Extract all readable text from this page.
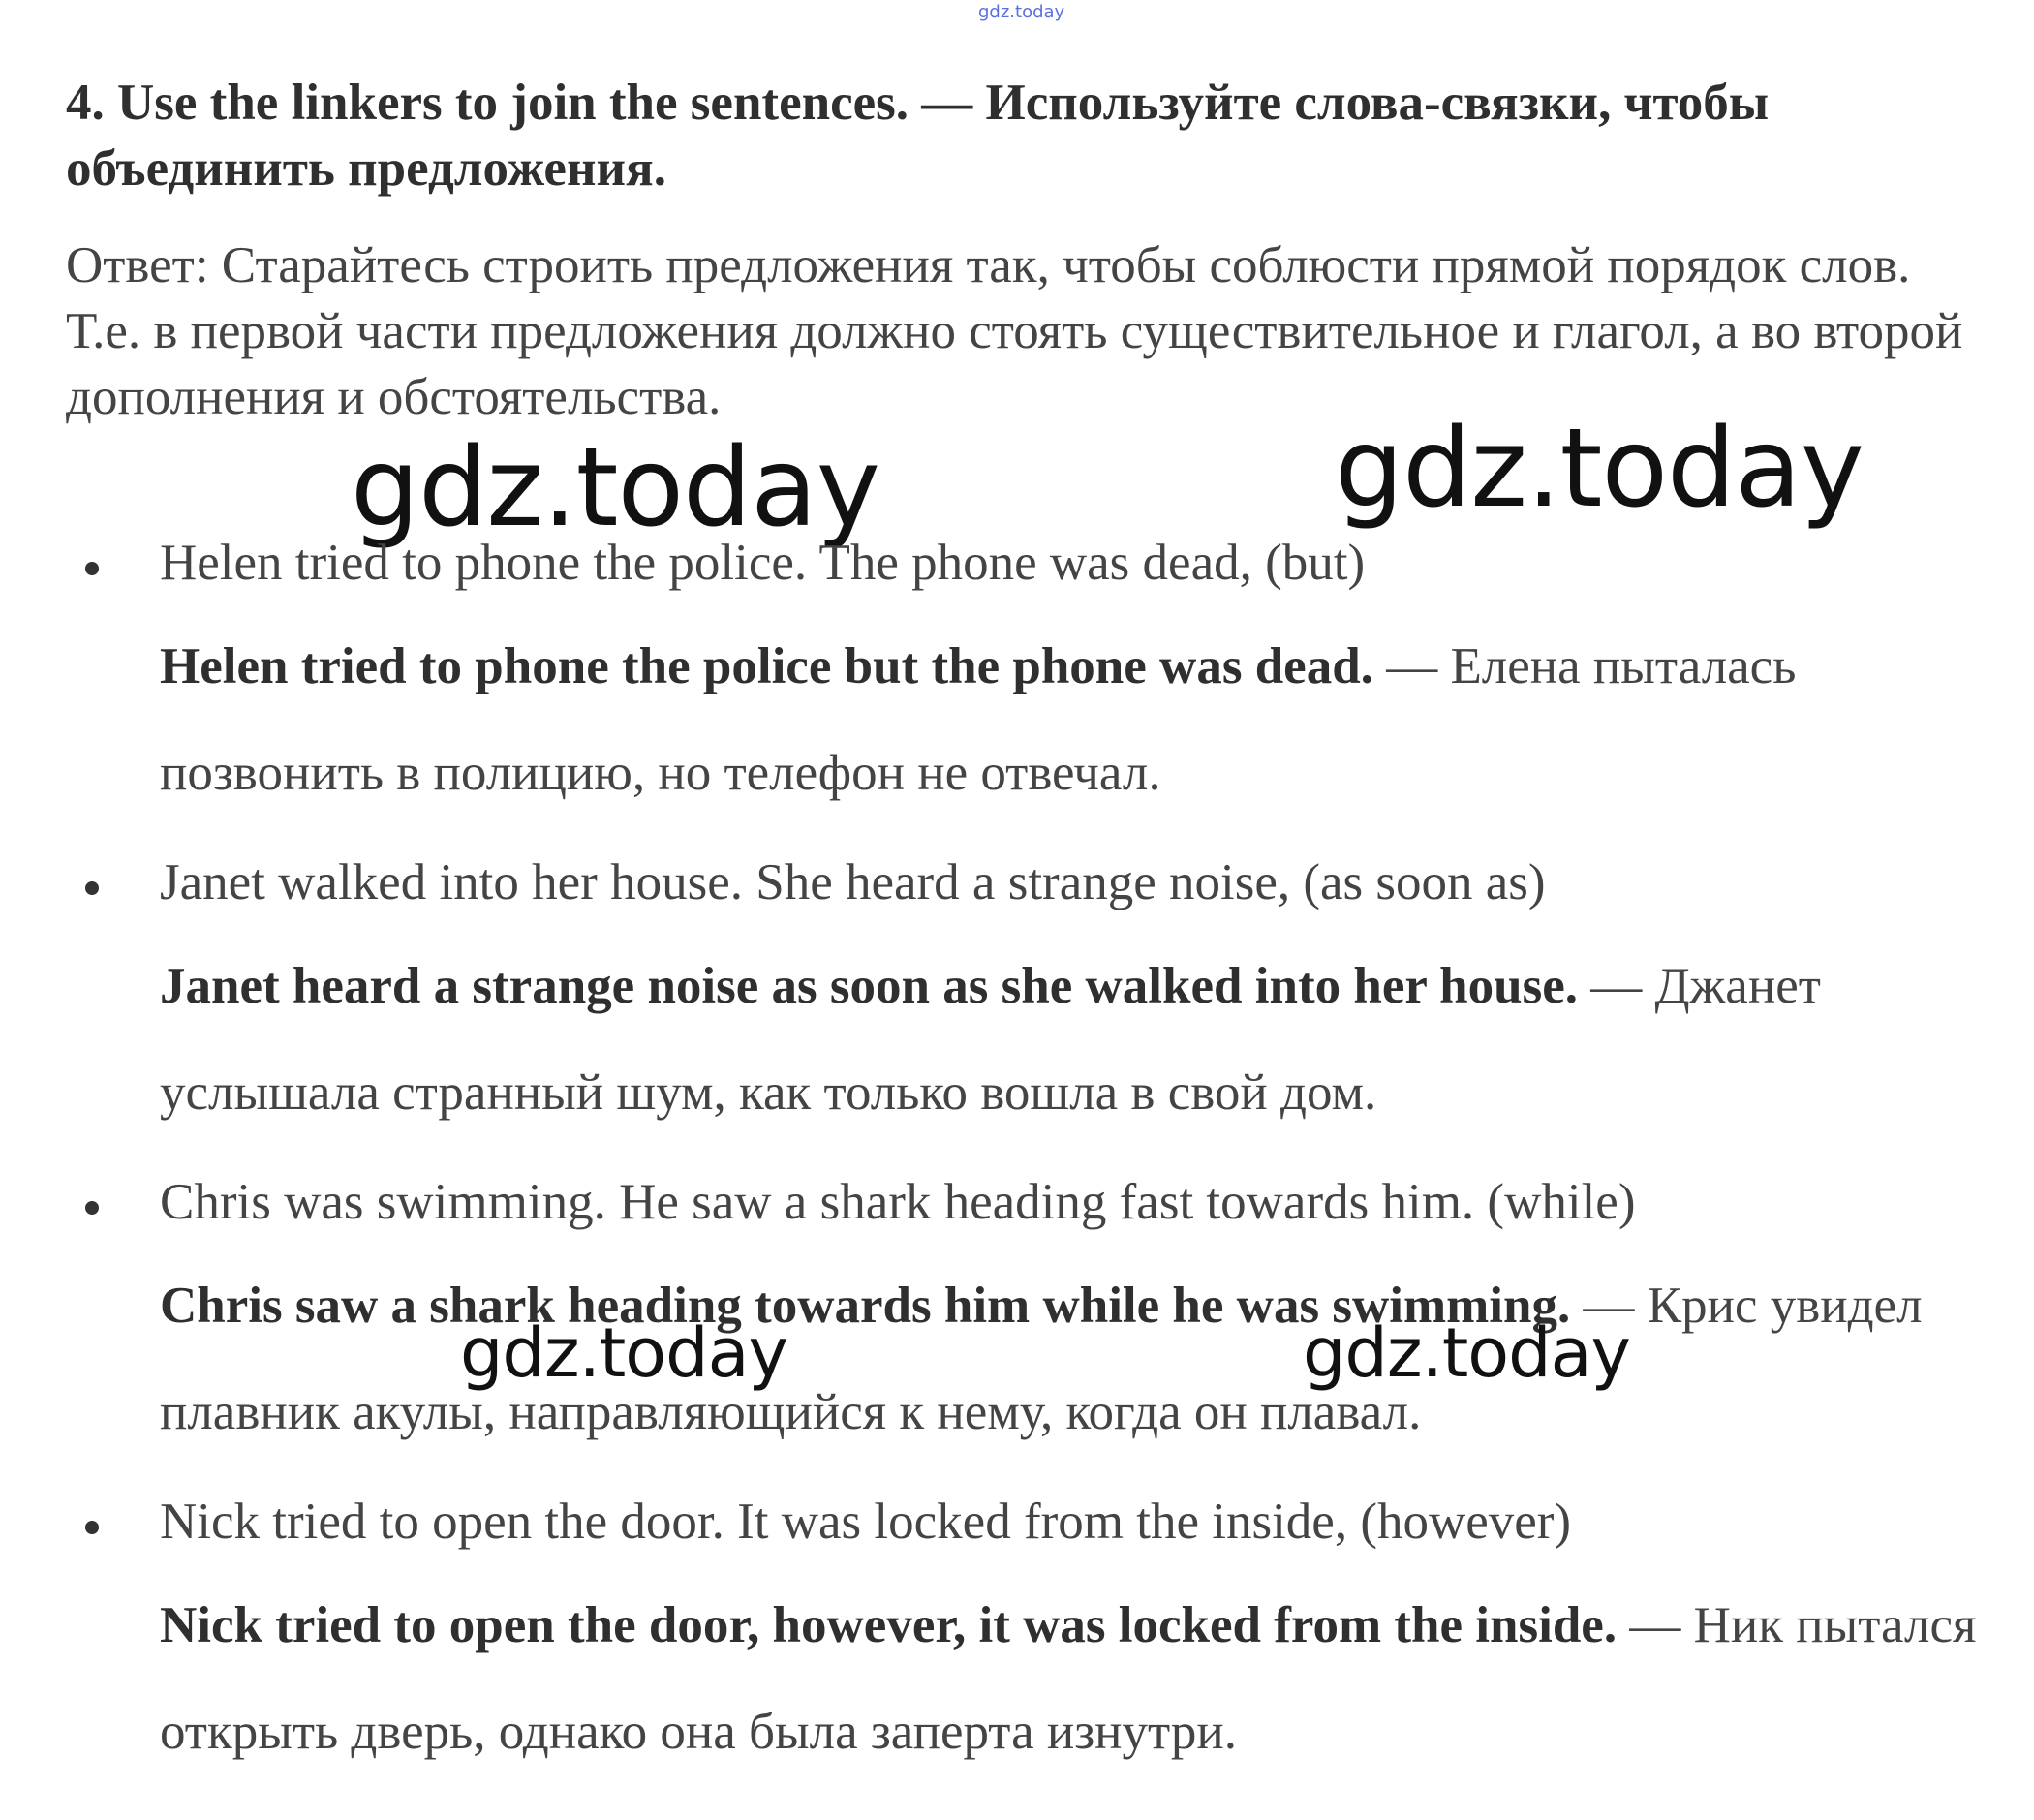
gdz.today

4. Use the linkers to join the sentences. — Используйте слова-связки, чтобы объединить предложения.

Ответ: Старайтесь строить предложения так, чтобы соблюсти прямой порядок слов. Т.е. в первой части предложения должно стоять существительное и глагол, а во второй дополнения и обстоятельства.

gdz.today	gdz.today

Helen tried to phone the police. The phone was dead, (but)

Helen tried to phone the police but the phone was dead. — Елена пыталась позвонить в полицию, но телефон не отвечал.

Janet walked into her house. She heard a strange noise, (as soon as)

Janet heard a strange noise as soon as she walked into her house. — Джанет услышала странный шум, как только вошла в свой дом.

Chris was swimming. He saw a shark heading fast towards him. (while)

Chris saw a shark heading towards him while he was swimming. — Крис увидел плавник акулы, направляющийся к нему, когда он плавал.

Nick tried to open the door. It was locked from the inside, (however)

Nick tried to open the door, however, it was locked from the inside. — Ник пытался открыть дверь, однако она была заперта изнутри.

gdz.today	gdz.today
